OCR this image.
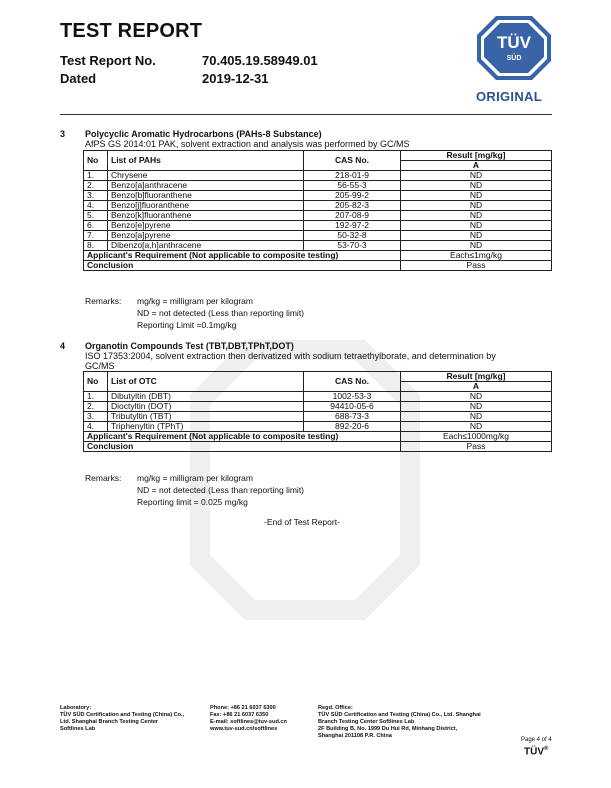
TEST REPORT
Test Report No.	70.405.19.58949.01
Dated	2019-12-31
TÜV
SÜD
ORIGINAL
3 Polycyclic Aromatic Hydrocarbons (PAHs-8 Substance)
AfPS GS 2014:01 PAK, solvent extraction and analysis was performed by GC/MS
No	List of PAHs	CAS No.	Result [mg/kg]
			A
1.	Chrysene	218-01-9	ND
2.	Benzo[a]anthracene	56-55-3	ND
3.	Benzo[b]fluoranthene	205-99-2	ND
4.	Benzo[j]fluoranthene	205-82-3	ND
5.	Benzo[k]fluoranthene	207-08-9	ND
6.	Benzo[e]pyrene	192-97-2	ND
7.	Benzo[a]pyrene	50-32-8	ND
8.	Dibenzo[a,h]anthracene	53-70-3	ND
Applicant's Requirement (Not applicable to composite testing)			Each≤1mg/kg
Conclusion			Pass
Remarks: mg/kg = milligram per kilogram
ND = not detected (Less than reporting limit)
Reporting Limit =0.1mg/kg
4 Organotin Compounds Test (TBT,DBT,TPhT,DOT)
ISO 17353:2004, solvent extraction then derivatized with sodium tetraethylborate, and determination by
GC/MS
No	List of OTC	CAS No.	Result [mg/kg]
			A
1.	Dibutyltin (DBT)	1002-53-3	ND
2.	Dioctyltin (DOT)	94410-05-6	ND
3.	Tributyltin (TBT)	688-73-3	ND
4.	Triphenyltin (TPhT)	892-20-6	ND
Applicant's Requirement (Not applicable to composite testing)			Each≤1000mg/kg
Conclusion			Pass
Remarks: mg/kg = milligram per kilogram
ND = not detected (Less than reporting limit)
Reporting limit = 0.025 mg/kg
-End of Test Report-
Laboratory:
TÜV SÜD Certification and Testing (China) Co.,
Ltd. Shanghai Branch Testing Center
Softlines Lab
Phone: +86 21 6037 6300
Fax: +86 21 6037 6350
E-mail: softlines@tuv-sud.cn
www.tuv-sud.cn/softlines
Regd. Office:
TÜV SÜD Certification and Testing (China) Co., Ltd. Shanghai
Branch Testing Center Softlines Lab
2F Building B, No. 1999 Du Hui Rd, Minhang District,
Shanghai 201108 P.R. China
Page 4 of 4
TÜV®
